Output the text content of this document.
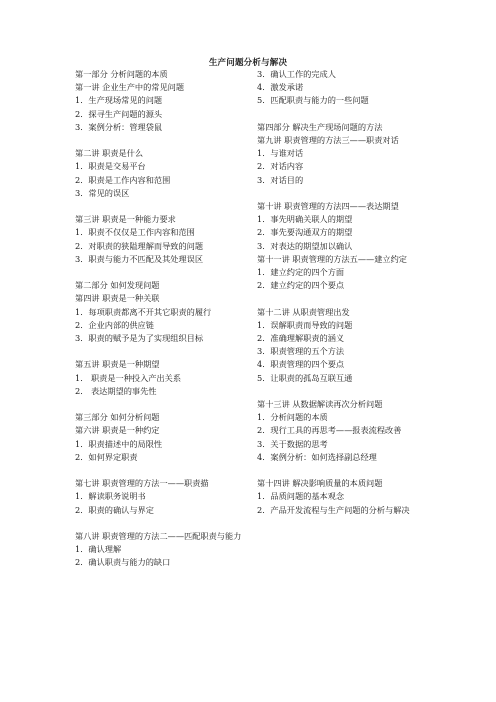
生产问题分析与解决
第一部分 分析问题的本质
第一讲 企业生产中的常见问题
1．生产现场常见的问题
2．探寻生产问题的源头
3．案例分析：管理袋鼠
第二讲 职责是什么
1．职责是交易平台
2．职责是工作内容和范围
3．常见的误区
第三讲 职责是一种能力要求
1．职责不仅仅是工作内容和范围
2．对职责的狭隘理解而导致的问题
3．职责与能力不匹配及其处理误区
第二部分 如何发现问题
第四讲 职责是一种关联
1．每项职责都离不开其它职责的履行
2．企业内部的供应链
3．职责的赋予是为了实现组织目标
第五讲 职责是一种期望
1． 职责是一种投入产出关系
2． 表达期望的事先性
第三部分 如何分析问题
第六讲 职责是一种约定
1．职责描述中的局限性
2．如何界定职责
第七讲 职责管理的方法一——职责描
1．解读职务说明书
2．职责的确认与界定
第八讲 职责管理的方法二——匹配职责与能力
1．确认理解
2．确认职责与能力的缺口
3．确认工作的完成人
4．激发承诺
5．匹配职责与能力的一些问题
第四部分 解决生产现场问题的方法
第九讲 职责管理的方法三——职责对话
1．与谁对话
2．对话内容
3．对话目的
第十讲 职责管理的方法四——表达期望
1．事先明确关联人的期望
2．事先要沟通双方的期望
3．对表达的期望加以确认
第十一讲 职责管理的方法五——建立约定
1．建立约定的四个方面
2．建立约定的四个要点
第十二讲 从职责管理出发
1．误解职责而导致的问题
2．准确理解职责的涵义
3．职责管理的五个方法
4．职责管理的四个要点
5．让职责的孤岛互联互通
第十三讲 从数据解读再次分析问题
1．分析问题的本质
2．现行工具的再思考——报表流程改善
3．关于数据的思考
4．案例分析：如何选择副总经理
第十四讲 解决影响质量的本质问题
1．品质问题的基本观念
2．产品开发流程与生产问题的分析与解决
